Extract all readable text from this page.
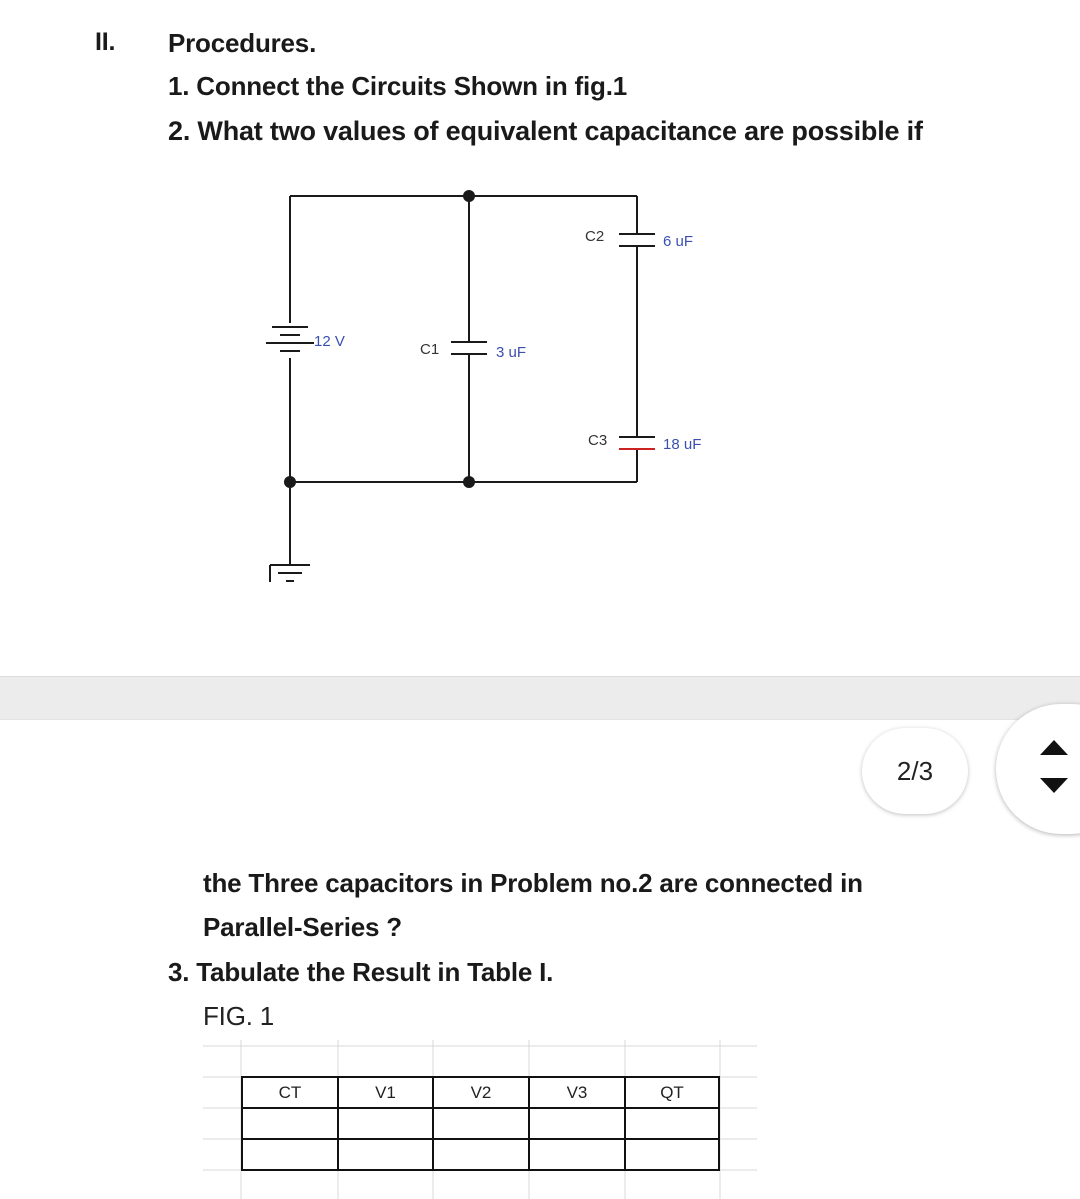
II. Procedures.
1. Connect the Circuits Shown in fig.1
2. What two values of equivalent capacitance are possible if
12 V	C1	3 uF
C2	6 uF
C3	18 uF
2/3
the Three capacitors in Problem no.2 are connected in
Parallel-Series ?
3. Tabulate the Result in Table I.
FIG. 1
CT	V1	V2	V3	QT
